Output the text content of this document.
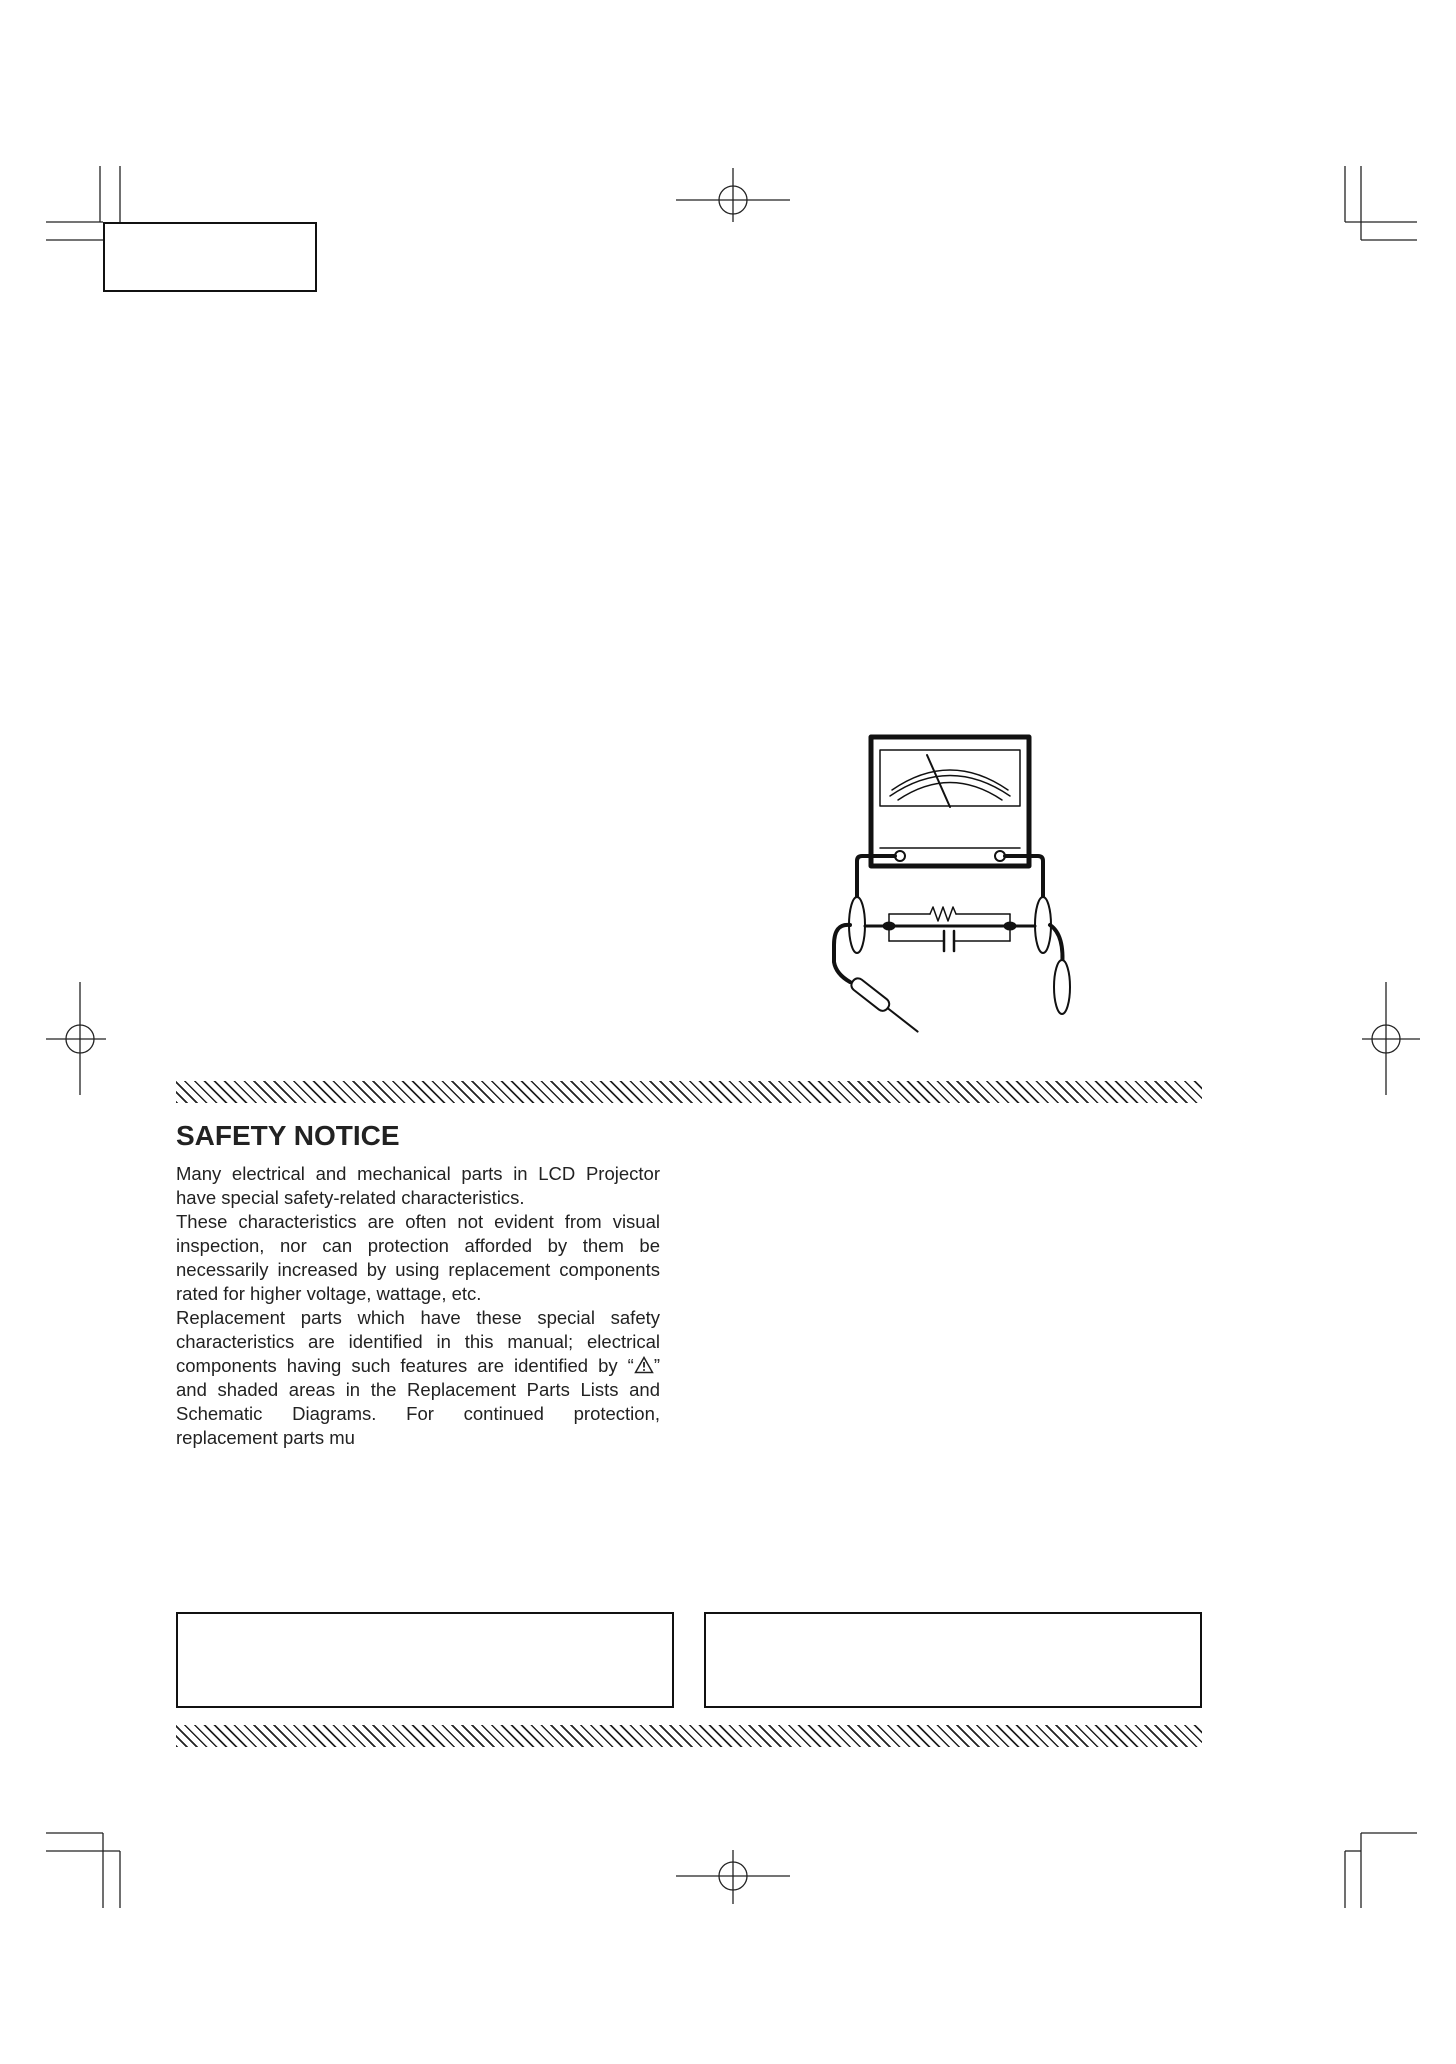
SAFETY NOTICE

Many electrical and mechanical parts in LCD Projector have special safety-related characteristics.

These characteristics are often not evident from visual inspection, nor can protection afforded by them be necessarily increased by using replacement components rated for higher voltage, wattage, etc.

Replacement parts which have these special safety characteristics are identified in this manual; electrical components having such features are identified by “ ” and shaded areas in the Replacement Parts Lists and Schematic Diagrams. For continued protection, replacement parts mu
